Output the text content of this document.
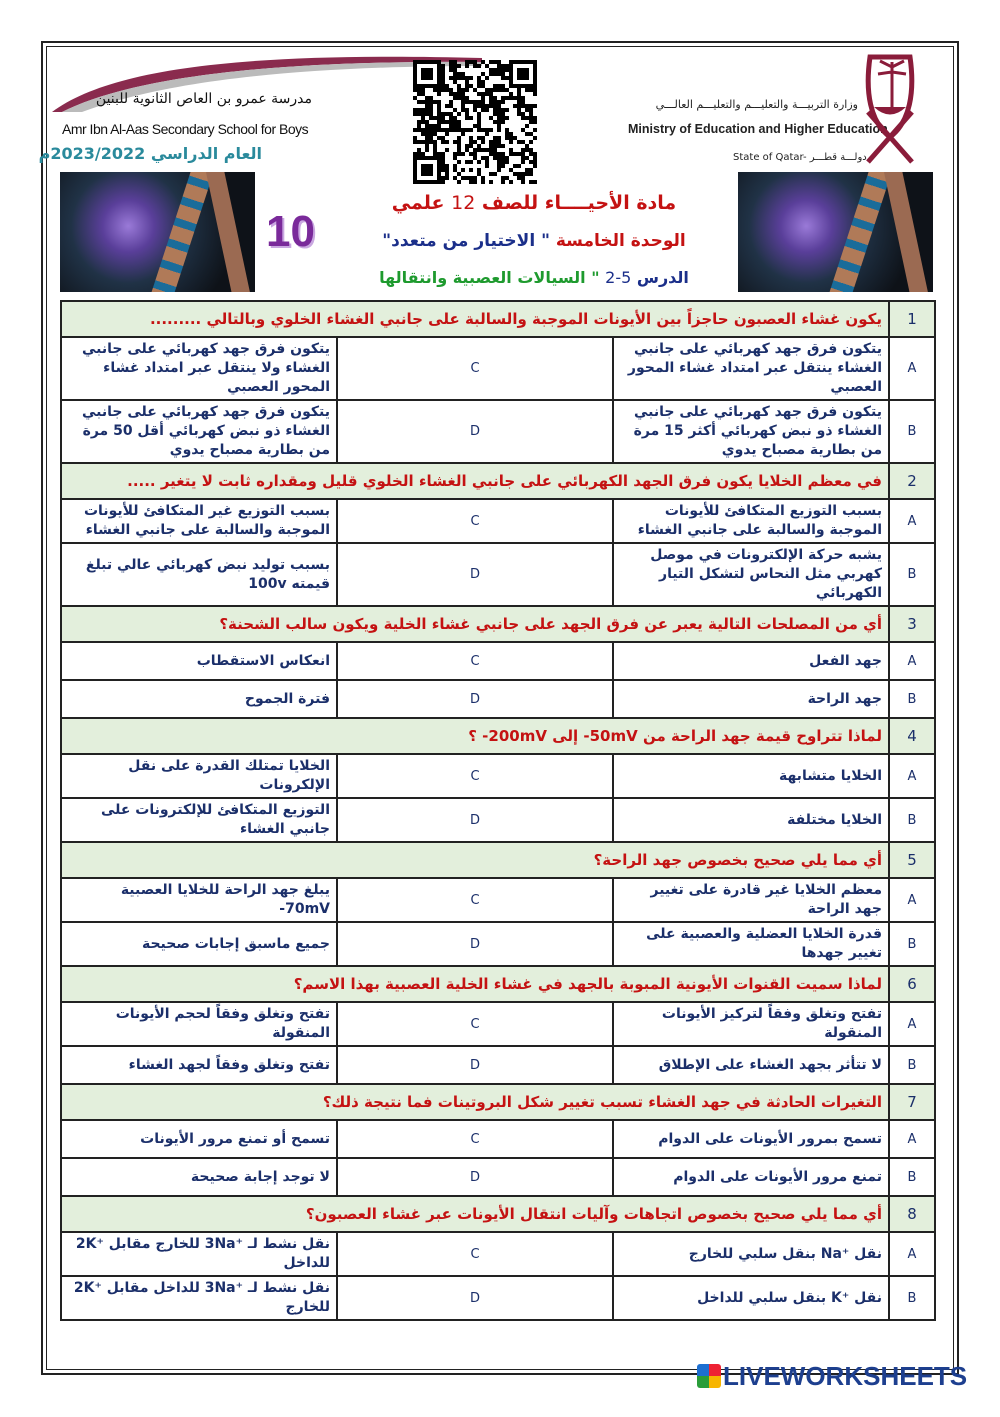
مدرسة عمرو بن العاص الثانوية للبنين
Amr Ibn Al-Aas Secondary School for Boys
العام الدراسي 2023/2022م
وزارة التربيـــة والتعليـــم والتعليـــم العالـــي
Ministry of Education and Higher Education
State of Qatar- دولـــة قطـــر
مادة الأحيــــاء للصف 12 علمي
الوحدة الخامسة " الاختيار من متعدد"
الدرس 5-2 " السيالات العصبية وانتقالها
10
1	يكون غشاء العصبون حاجزاً بين الأيونات الموجبة والسالبة على جانبي الغشاء الخلوي وبالتالي .........		
A	يتكون فرق جهد كهربائي على جانبي الغشاء ينتقل عبر امتداد غشاء المحور العصبي	C	يتكون فرق جهد كهربائي على جانبي الغشاء ولا ينتقل عبر امتداد غشاء المحور العصبي
B	يتكون فرق جهد كهربائي على جانبي الغشاء ذو نبض كهربائي أكثر 15 مرة من بطارية مصباح يدوي	D	يتكون فرق جهد كهربائي على جانبي الغشاء ذو نبض كهربائي أقل 50 مرة من بطارية مصباح يدوي
2	في معظم الخلايا يكون فرق الجهد الكهربائي على جانبي الغشاء الخلوي قليل ومقداره ثابت لا يتغير .....		
A	بسبب التوزيع المتكافئ للأيونات الموجبة والسالبة على جانبي الغشاء	C	بسبب التوزيع غير المتكافئ للأيونات الموجبة والسالبة على جانبي الغشاء
B	يشبه حركة الإلكترونات في موصل كهربي مثل النحاس لتشكل التيار الكهربائي	D	بسبب توليد نبض كهربائي عالي تبلغ قيمته 100v
3	أي من المصلحات التالية يعبر عن فرق الجهد على جانبي غشاء الخلية ويكون سالب الشحنة؟		
A	جهد الفعل	C	انعكاس الاستقطاب
B	جهد الراحة	D	فترة الجموح
4	لماذا تتراوح قيمة جهد الراحة من 50mV- إلى 200mV- ؟		
A	الخلايا متشابهة	C	الخلايا تمتلك القدرة على نقل الإلكرونات
B	الخلايا مختلفة	D	التوزيع المتكافئ للإلكترونات على جانبي الغشاء
5	أي مما يلي صحيح بخصوص جهد الراحة؟		
A	معظم الخلايا غير قادرة على تغيير جهد الراحة	C	يبلغ جهد الراحة للخلايا العصبية 70mV-
B	قدرة الخلايا العضلية والعصبية على تغيير جهدها	D	جميع ماسبق إجابات صحيحة
6	لماذا سميت القنوات الأيونية المبوبة بالجهد في غشاء الخلية العصبية بهذا الاسم؟		
A	تفتح وتغلق وفقاً لتركيز الأيونات المنقولة	C	تفتح وتغلق وفقاً لحجم الأيونات المنقولة
B	لا تتأثر بجهد الغشاء على الإطلاق	D	تفتح وتغلق وفقاً لجهد الغشاء
7	التغيرات الحادثة في جهد الغشاء تسبب تغيير شكل البروتينات فما نتيجة ذلك؟		
A	تسمح بمرور الأيونات على الدوام	C	تسمح أو تمنع مرور الأيونات
B	تمنع مرور الأيونات على الدوام	D	لا توجد إجابة صحيحة
8	أي مما يلي صحيح بخصوص اتجاهات وآليات انتقال الأيونات عبر غشاء العصبون؟		
A	نقل ⁺Na بنقل سلبي للخارج	C	نقل نشط لـ ⁺3Na للخارج مقابل ⁺2K للداخل
B	نقل ⁺K بنقل سلبي للداخل	D	نقل نشط لـ ⁺3Na للداخل مقابل ⁺2K للخارج
LIVEWORKSHEETS
